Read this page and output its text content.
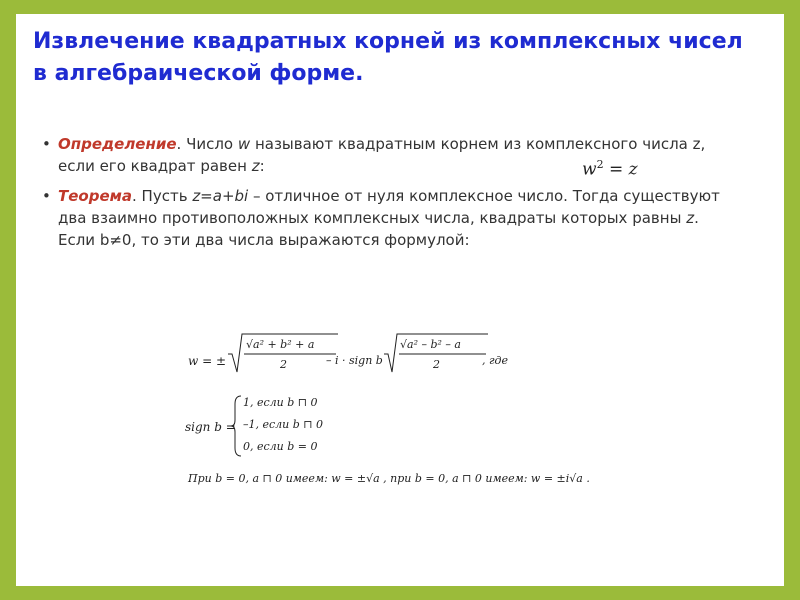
Извлечение квадратных корней из комплексных чисел в алгебраической форме.
• Определение. Число w называют квадратным корнем из комплексного числа z, если его квадрат равен z:
• Теорема. Пусть z=a+bi – отличное от нуля комплексное число. Тогда существуют два взаимно противоположных комплексных числа, квадраты которых равны z. Если b≠0, то эти два числа выражаются формулой:
$w^2 = z$
w = ±
√a² + b² + a
2	– i · sign b
√a² – b² – a
2	, где
sign b =
1, если b ⊓ 0
–1, если b ⊓ 0
0, если b = 0
При b = 0, a ⊓ 0 имеем: w = ±√a , при b = 0, a ⊓ 0 имеем: w = ±i√a .
